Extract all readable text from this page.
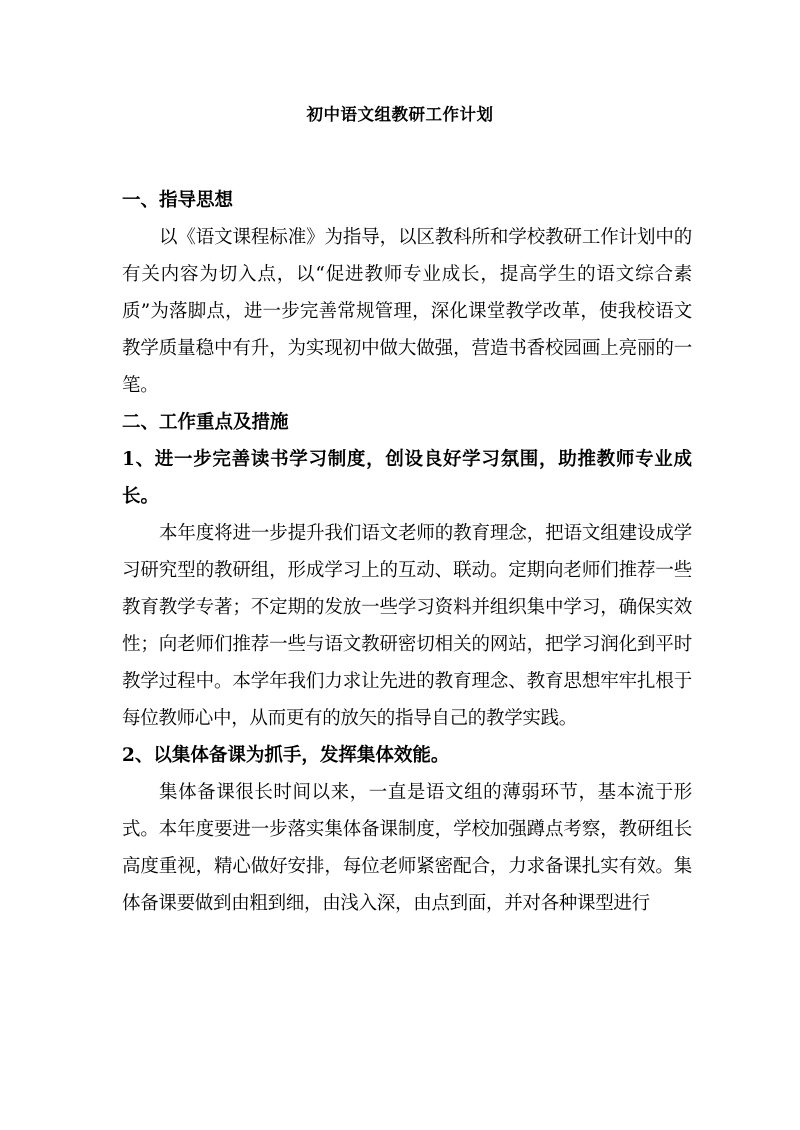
初中语文组教研工作计划

一、指导思想

以《语文课程标准》为指导，以区教科所和学校教研工作计划中的有关内容为切入点，以“促进教师专业成长，提高学生的语文综合素质”为落脚点，进一步完善常规管理，深化课堂教学改革，使我校语文教学质量稳中有升，为实现初中做大做强，营造书香校园画上亮丽的一笔。

二、工作重点及措施

1、进一步完善读书学习制度，创设良好学习氛围，助推教师专业成长。

本年度将进一步提升我们语文老师的教育理念，把语文组建设成学习研究型的教研组，形成学习上的互动、联动。定期向老师们推荐一些教育教学专著；不定期的发放一些学习资料并组织集中学习，确保实效性；向老师们推荐一些与语文教研密切相关的网站，把学习润化到平时教学过程中。本学年我们力求让先进的教育理念、教育思想牢牢扎根于每位教师心中，从而更有的放矢的指导自己的教学实践。

2、以集体备课为抓手，发挥集体效能。

集体备课很长时间以来，一直是语文组的薄弱环节，基本流于形式。本年度要进一步落实集体备课制度，学校加强蹲点考察，教研组长高度重视，精心做好安排，每位老师紧密配合，力求备课扎实有效。集体备课要做到由粗到细，由浅入深，由点到面，并对各种课型进行
